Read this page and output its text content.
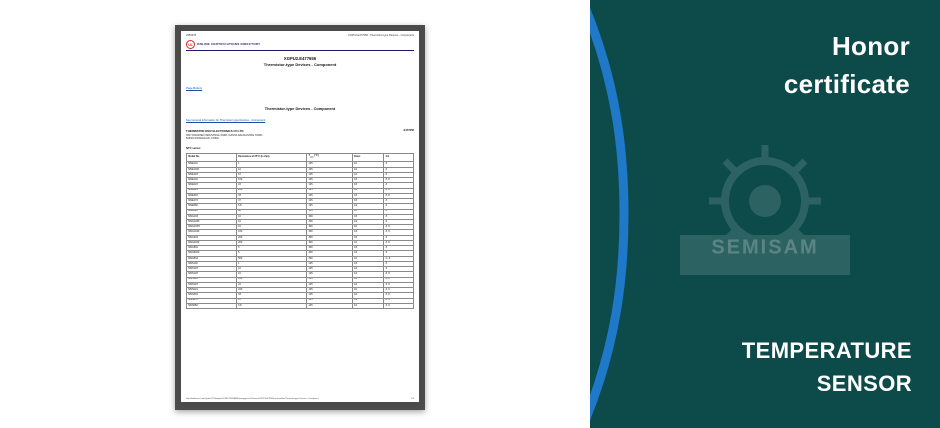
20563?8	XGPU2.E477656 - Thermistor-type Devices - Component
UL	ONLINE CERTIFICATIONS DIRECTORY
XGPU2.E477656
Thermistor-type Devices - Component
Page Bottom
Thermistor-type Devices - Component
See General Information for Thermistor-type Devices - Component
THERMISTOR-MOV ELECTRONICS CO LTD	E477656
XINYONGSHEN INDUSTRIAL PARK, DASHA DALINGSHAN TOWN
523000 DONGGUAN, CHINA
NTC series:
Model No.	Resistance at 25°C (k ohm)	$T_{max}$ (°C)	Class	CA
MNE101	1	125	C4	#
MNE1031	10	125	C4	#
MNE103	10	125	C4	#
MNE104	100	125	C3	#, #
MNE223	22	125	C3	#
MNB229	220	125	C3	#, #
MNE333	33	125	C3	#, #
MNE473	47	125	C3	#
MNE682	6.8	125	C4	#
MNF683	68	125	C3	#
MNG103	10	300	C3	#
MNG103F	10	300	C4	#
MNG103H	10	300	C4	#, #
MNG104F	100	300	C4	#, #
MNG204	200	300	C3	#
MNG204F	200	300	C4	#, #
MNG502	5	300	C3	#
MNG502F	5	300	C4	#
MNG504	500	300	C2	C, #
MNS102	1	125	C3	#
MNS103	10	125	C3	#
MNS103	10	125	C4	#, #
MNS104	100	125	C4	#, #
MNS223	22	125	C4	#, #
MNS224	220	125	C2	#, #
MNS333	33	125	C4	#, #
MNS473	47	125	C3	#, #
MNS682	6.8	125	C4	#, #
http://database.ul.com/cgi-bin/XYV/template/LISEXT/1FRAME/showpage.html?name=XGPU2.E477656&ccnshorttitle=Thermistor-type+Devices+-+Component	1/3
Honor
certificate
SEMISAM
TEMPERATURE
SENSOR
